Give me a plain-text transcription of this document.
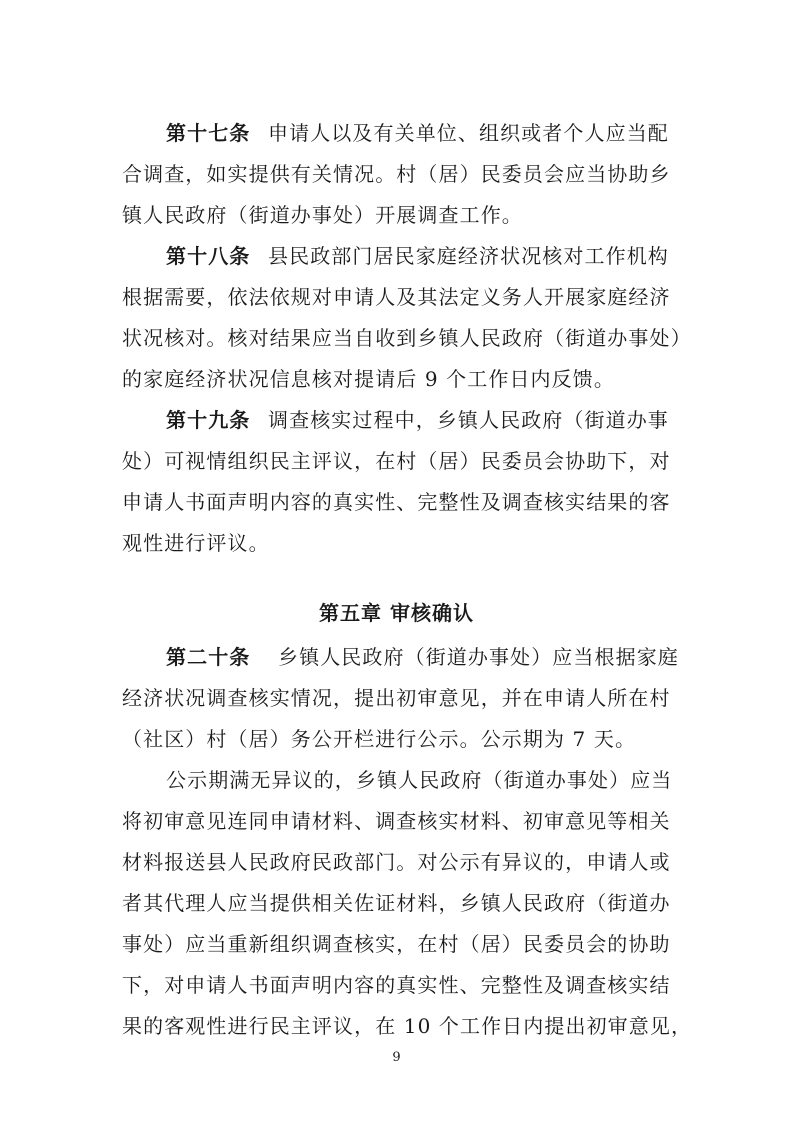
第十七条 申请人以及有关单位、组织或者个人应当配
合调查，如实提供有关情况。村（居）民委员会应当协助乡
镇人民政府（街道办事处）开展调查工作。
第十八条 县民政部门居民家庭经济状况核对工作机构
根据需要，依法依规对申请人及其法定义务人开展家庭经济
状况核对。核对结果应当自收到乡镇人民政府（街道办事处）
的家庭经济状况信息核对提请后 9 个工作日内反馈。
第十九条 调查核实过程中，乡镇人民政府（街道办事
处）可视情组织民主评议，在村（居）民委员会协助下，对
申请人书面声明内容的真实性、完整性及调查核实结果的客
观性进行评议。
第五章 审核确认
第二十条 乡镇人民政府（街道办事处）应当根据家庭
经济状况调查核实情况，提出初审意见，并在申请人所在村
（社区）村（居）务公开栏进行公示。公示期为 7 天。
公示期满无异议的，乡镇人民政府（街道办事处）应当
将初审意见连同申请材料、调查核实材料、初审意见等相关
材料报送县人民政府民政部门。对公示有异议的，申请人或
者其代理人应当提供相关佐证材料，乡镇人民政府（街道办
事处）应当重新组织调查核实，在村（居）民委员会的协助
下，对申请人书面声明内容的真实性、完整性及调查核实结
果的客观性进行民主评议，在 10 个工作日内提出初审意见，
9
